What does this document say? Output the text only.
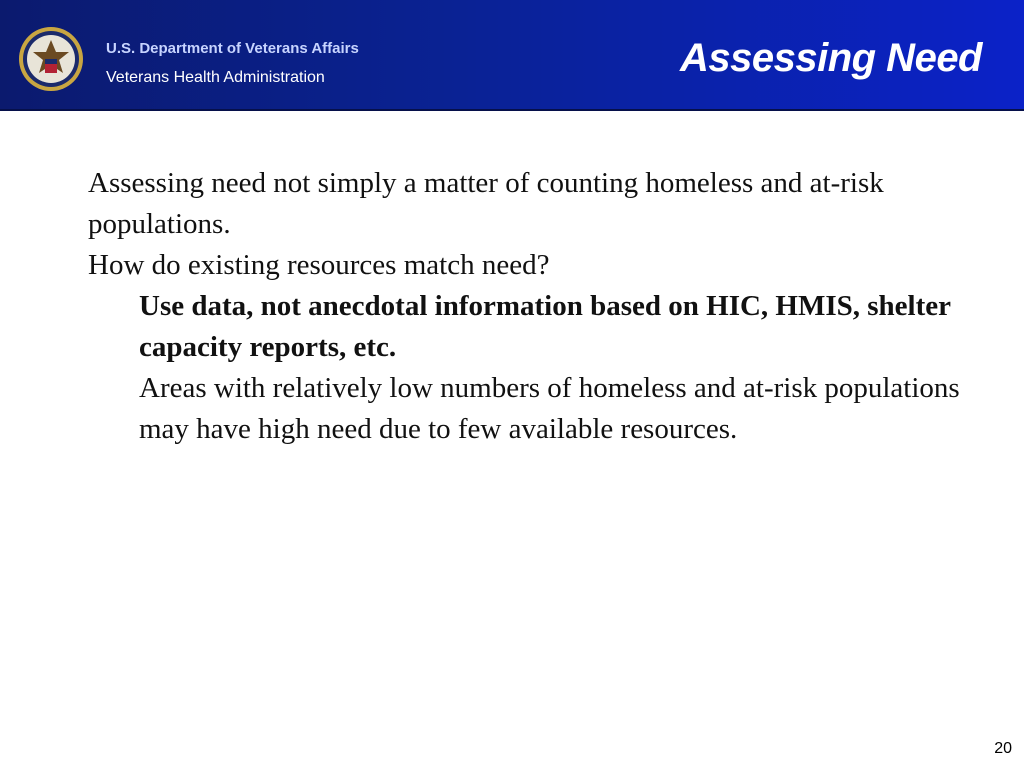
U.S. Department of Veterans Affairs
Veterans Health Administration	Assessing Need

Assessing need not simply a matter of counting homeless and at-risk populations.

How do existing resources match need?

Use data, not anecdotal information based on HIC, HMIS, shelter capacity reports, etc.

Areas with relatively low numbers of homeless and at-risk populations may have high need due to few available resources.

20
